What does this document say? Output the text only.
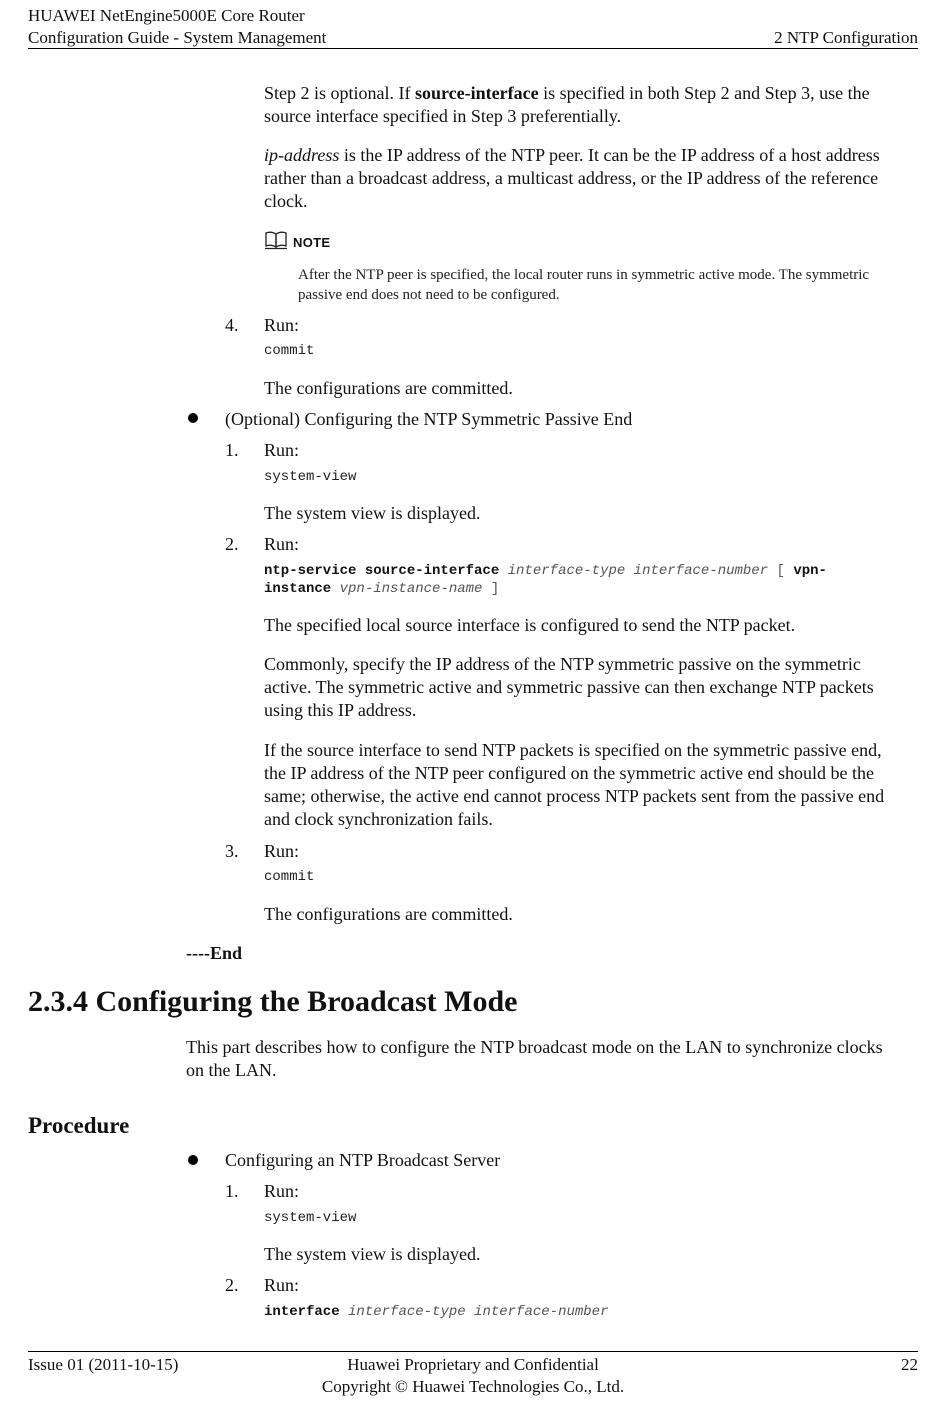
HUAWEI NetEngine5000E Core Router
Configuration Guide - System Management	2 NTP Configuration
Step 2 is optional. If source-interface is specified in both Step 2 and Step 3, use the
source interface specified in Step 3 preferentially.
ip-address is the IP address of the NTP peer. It can be the IP address of a host address
rather than a broadcast address, a multicast address, or the IP address of the reference
clock.
NOTE
After the NTP peer is specified, the local router runs in symmetric active mode. The symmetric
passive end does not need to be configured.
4. Run:
commit
The configurations are committed.
(Optional) Configuring the NTP Symmetric Passive End
1. Run:
system-view
The system view is displayed.
2. Run:
ntp-service source-interface interface-type interface-number [ vpn-
instance vpn-instance-name ]
The specified local source interface is configured to send the NTP packet.
Commonly, specify the IP address of the NTP symmetric passive on the symmetric
active. The symmetric active and symmetric passive can then exchange NTP packets
using this IP address.
If the source interface to send NTP packets is specified on the symmetric passive end,
the IP address of the NTP peer configured on the symmetric active end should be the
same; otherwise, the active end cannot process NTP packets sent from the passive end
and clock synchronization fails.
3. Run:
commit
The configurations are committed.
----End
2.3.4 Configuring the Broadcast Mode
This part describes how to configure the NTP broadcast mode on the LAN to synchronize clocks
on the LAN.
Procedure
Configuring an NTP Broadcast Server
1. Run:
system-view
The system view is displayed.
2. Run:
interface interface-type interface-number
Issue 01 (2011-10-15)	Huawei Proprietary and Confidential
Copyright © Huawei Technologies Co., Ltd.
22
